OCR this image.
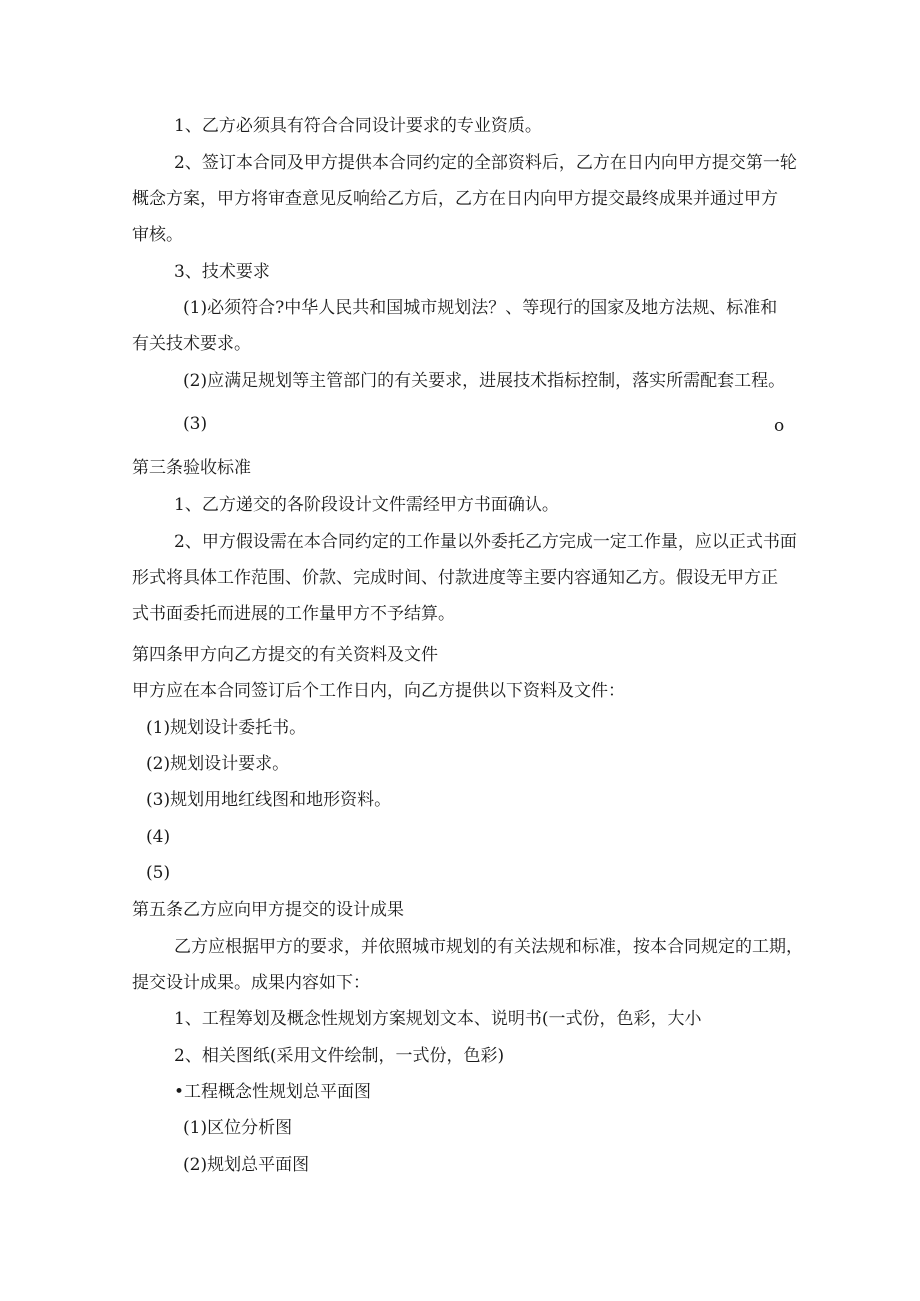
1、乙方必须具有符合合同设计要求的专业资质。
2、签订本合同及甲方提供本合同约定的全部资料后，乙方在日内向甲方提交第一轮
概念方案，甲方将审查意见反响给乙方后，乙方在日内向甲方提交最终成果并通过甲方
审核。
3、技术要求
(1)必须符合?中华人民共和国城市规划法？、等现行的国家及地方法规、标准和
有关技术要求。
(2)应满足规划等主管部门的有关要求，进展技术指标控制，落实所需配套工程。
(3)	o
第三条验收标准
1、乙方递交的各阶段设计文件需经甲方书面确认。
2、甲方假设需在本合同约定的工作量以外委托乙方完成一定工作量，应以正式书面
形式将具体工作范围、价款、完成时间、付款进度等主要内容通知乙方。假设无甲方正
式书面委托而进展的工作量甲方不予结算。
第四条甲方向乙方提交的有关资料及文件
甲方应在本合同签订后个工作日内，向乙方提供以下资料及文件：
(1)规划设计委托书。
(2)规划设计要求。
(3)规划用地红线图和地形资料。
(4)
(5)
第五条乙方应向甲方提交的设计成果
乙方应根据甲方的要求，并依照城市规划的有关法规和标准，按本合同规定的工期，
提交设计成果。成果内容如下：
1、工程筹划及概念性规划方案规划文本、说明书(一式份，色彩，大小
2、相关图纸(采用文件绘制，一式份，色彩)
•工程概念性规划总平面图
(1)区位分析图
(2)规划总平面图
